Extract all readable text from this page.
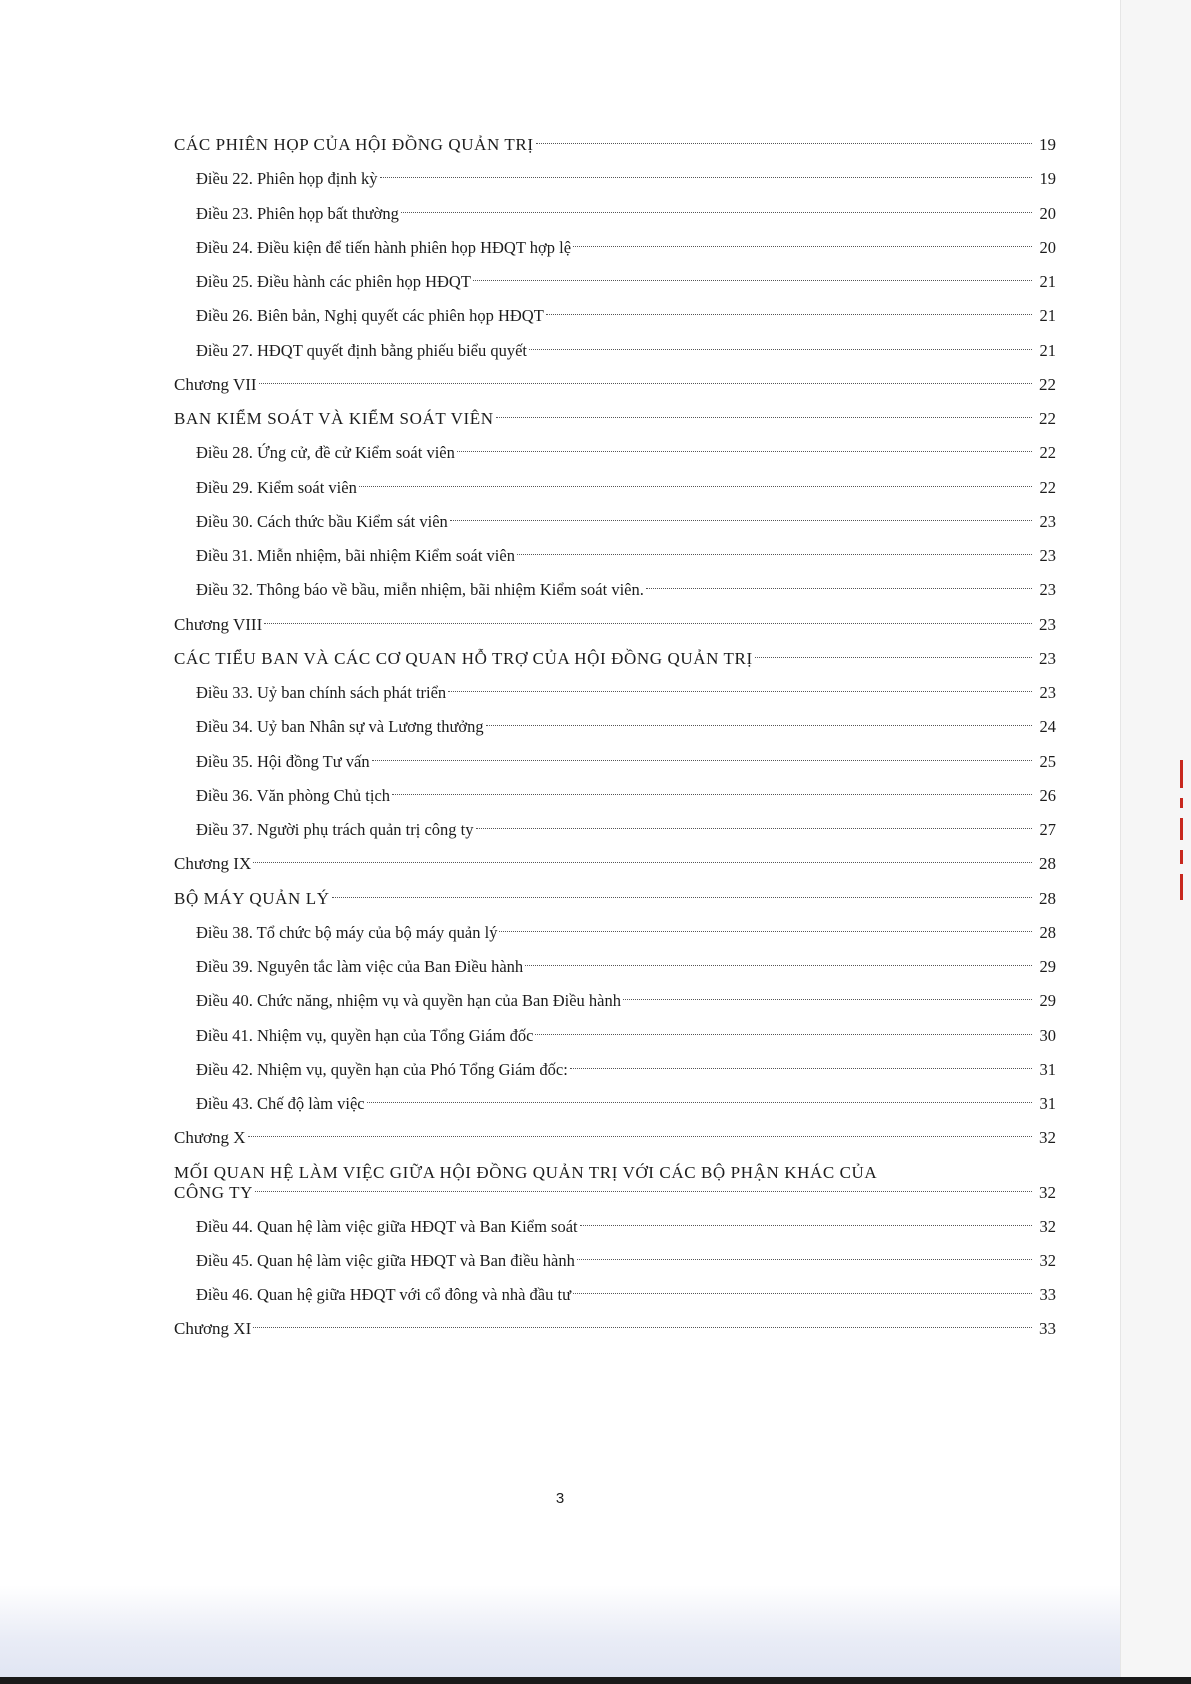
CÁC PHIÊN HỌP CỦA HỘI ĐỒNG QUẢN TRỊ	19
Điều 22. Phiên họp định kỳ	19
Điều 23. Phiên họp bất thường	20
Điều 24. Điều kiện để tiến hành phiên họp HĐQT hợp lệ	20
Điều 25. Điều hành các phiên họp HĐQT	21
Điều 26. Biên bản, Nghị quyết các phiên họp HĐQT	21
Điều 27. HĐQT quyết định bằng phiếu biểu quyết	21
Chương VII	22
BAN KIỂM SOÁT VÀ KIỂM SOÁT VIÊN	22
Điều 28. Ứng cử, đề cử Kiểm soát viên	22
Điều 29. Kiểm soát viên	22
Điều 30. Cách thức bầu Kiểm sát viên	23
Điều 31. Miễn nhiệm, bãi nhiệm Kiểm soát viên	23
Điều 32. Thông báo về bầu, miễn nhiệm, bãi nhiệm Kiểm soát viên.	23
Chương VIII	23
CÁC TIỂU BAN VÀ CÁC CƠ QUAN HỖ TRỢ CỦA HỘI ĐỒNG QUẢN TRỊ	23
Điều 33. Uỷ ban chính sách phát triển	23
Điều 34. Uỷ ban Nhân sự và Lương thưởng	24
Điều 35. Hội đồng Tư vấn	25
Điều 36. Văn phòng Chủ tịch	26
Điều 37. Người phụ trách quản trị công ty	27
Chương IX	28
BỘ MÁY QUẢN LÝ	28
Điều 38. Tổ chức bộ máy của bộ máy quản lý	28
Điều 39. Nguyên tắc làm việc của Ban Điều hành	29
Điều 40. Chức năng, nhiệm vụ và quyền hạn của Ban Điều hành	29
Điều 41. Nhiệm vụ, quyền hạn của Tổng Giám đốc	30
Điều 42. Nhiệm vụ, quyền hạn của Phó Tổng Giám đốc:	31
Điều 43. Chế độ làm việc	31
Chương X	32
MỐI QUAN HỆ LÀM VIỆC GIỮA HỘI ĐỒNG QUẢN TRỊ VỚI CÁC BỘ PHẬN KHÁC CỦA
CÔNG TY	32
Điều 44. Quan hệ làm việc giữa HĐQT và Ban Kiểm soát	32
Điều 45. Quan hệ làm việc giữa HĐQT và Ban điều hành	32
Điều 46. Quan hệ giữa HĐQT với cổ đông và nhà đầu tư	33
Chương XI	33
3
